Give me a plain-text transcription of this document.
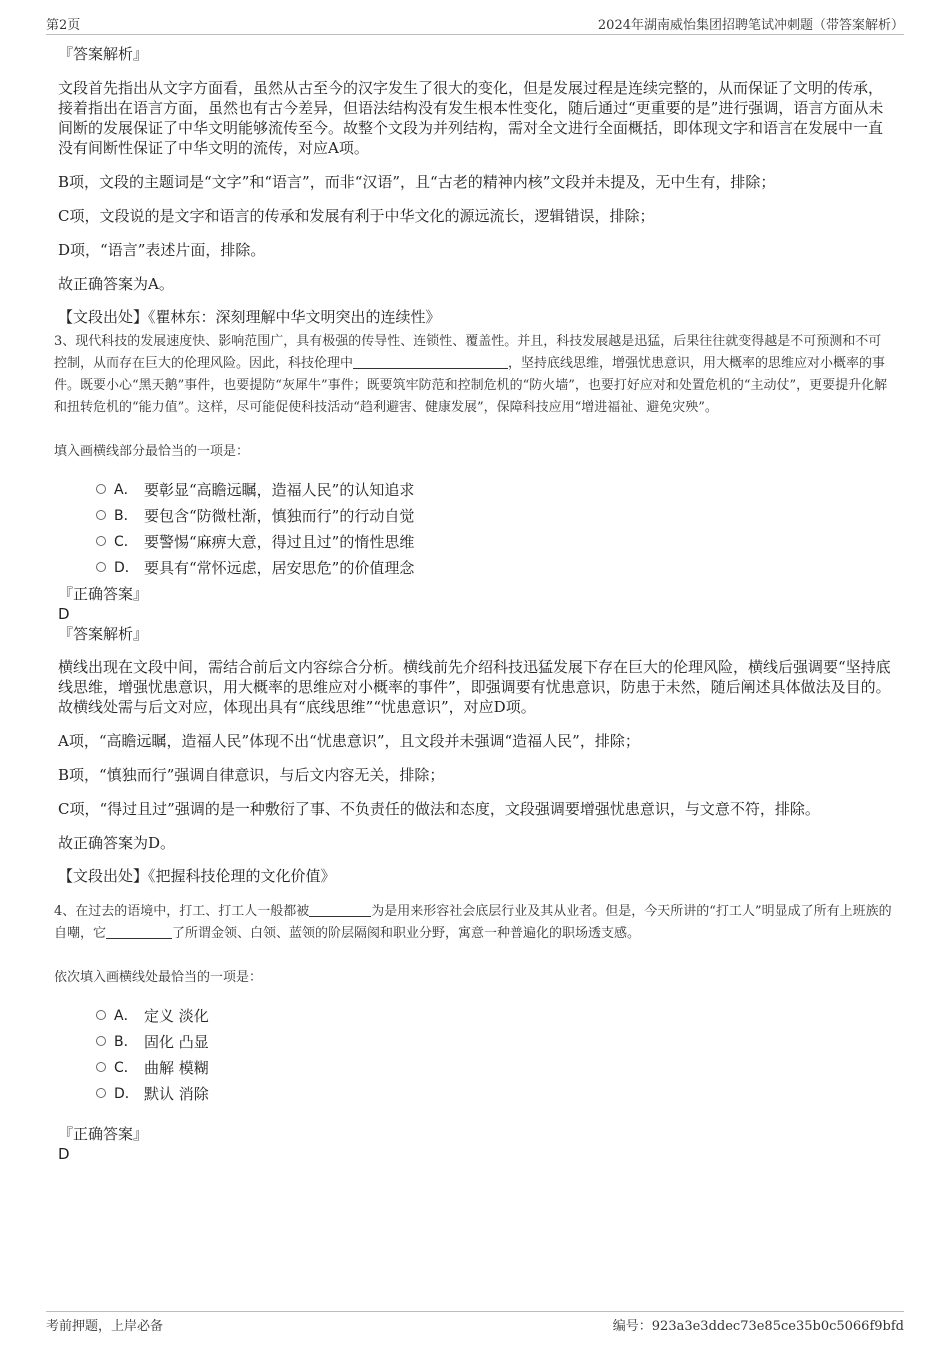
第2页	2024年湖南威怡集团招聘笔试冲刺题（带答案解析）
『答案解析』
文段首先指出从文字方面看，虽然从古至今的汉字发生了很大的变化，但是发展过程是连续完整的，从而保证了文明的传承，接着指出在语言方面，虽然也有古今差异，但语法结构没有发生根本性变化，随后通过“更重要的是”进行强调，语言方面从未间断的发展保证了中华文明能够流传至今。故整个文段为并列结构，需对全文进行全面概括，即体现文字和语言在发展中一直没有间断性保证了中华文明的流传，对应A项。
B项，文段的主题词是“文字”和“语言”，而非“汉语”，且“古老的精神内核”文段并未提及，无中生有，排除；
C项，文段说的是文字和语言的传承和发展有利于中华文化的源远流长，逻辑错误，排除；
D项，“语言”表述片面，排除。
故正确答案为A。
【文段出处】《瞿林东：深刻理解中华文明突出的连续性》
3、现代科技的发展速度快、影响范围广，具有极强的传导性、连锁性、覆盖性。并且，科技发展越是迅猛，后果往往就变得越是不可预测和不可控制，从而存在巨大的伦理风险。因此，科技伦理中	，坚持底线思维，增强忧患意识，用大概率的思维应对小概率的事件。既要小心“黑天鹅”事件，也要提防“灰犀牛”事件；既要筑牢防范和控制危机的“防火墙”，也要打好应对和处置危机的“主动仗”，更要提升化解和扭转危机的“能力值”。这样，尽可能促使科技活动“趋利避害、健康发展”，保障科技应用“增进福祉、避免灾殃”。
填入画横线部分最恰当的一项是：
A． 要彰显“高瞻远瞩，造福人民”的认知追求
B． 要包含“防微杜渐，慎独而行”的行动自觉
C． 要警惕“麻痹大意，得过且过”的惰性思维
D． 要具有“常怀远虑，居安思危”的价值理念
『正确答案』
D
『答案解析』
横线出现在文段中间，需结合前后文内容综合分析。横线前先介绍科技迅猛发展下存在巨大的伦理风险，横线后强调要“坚持底线思维，增强忧患意识，用大概率的思维应对小概率的事件”，即强调要有忧患意识，防患于未然，随后阐述具体做法及目的。故横线处需与后文对应，体现出具有“底线思维”“忧患意识”，对应D项。
A项，“高瞻远瞩，造福人民”体现不出“忧患意识”，且文段并未强调“造福人民”，排除；
B项，“慎独而行”强调自律意识，与后文内容无关，排除；
C项，“得过且过”强调的是一种敷衍了事、不负责任的做法和态度，文段强调要增强忧患意识，与文意不符，排除。
故正确答案为D。
【文段出处】《把握科技伦理的文化价值》
4、在过去的语境中，打工、打工人一般都被	为是用来形容社会底层行业及其从业者。但是，今天所讲的“打工人”明显成了所有上班族的自嘲，它	了所谓金领、白领、蓝领的阶层隔阂和职业分野，寓意一种普遍化的职场透支感。
依次填入画横线处最恰当的一项是：
A． 定义 淡化
B． 固化 凸显
C． 曲解 模糊
D． 默认 消除
『正确答案』
D
考前押题，上岸必备	编号：923a3e3ddec73e85ce35b0c5066f9bfd
